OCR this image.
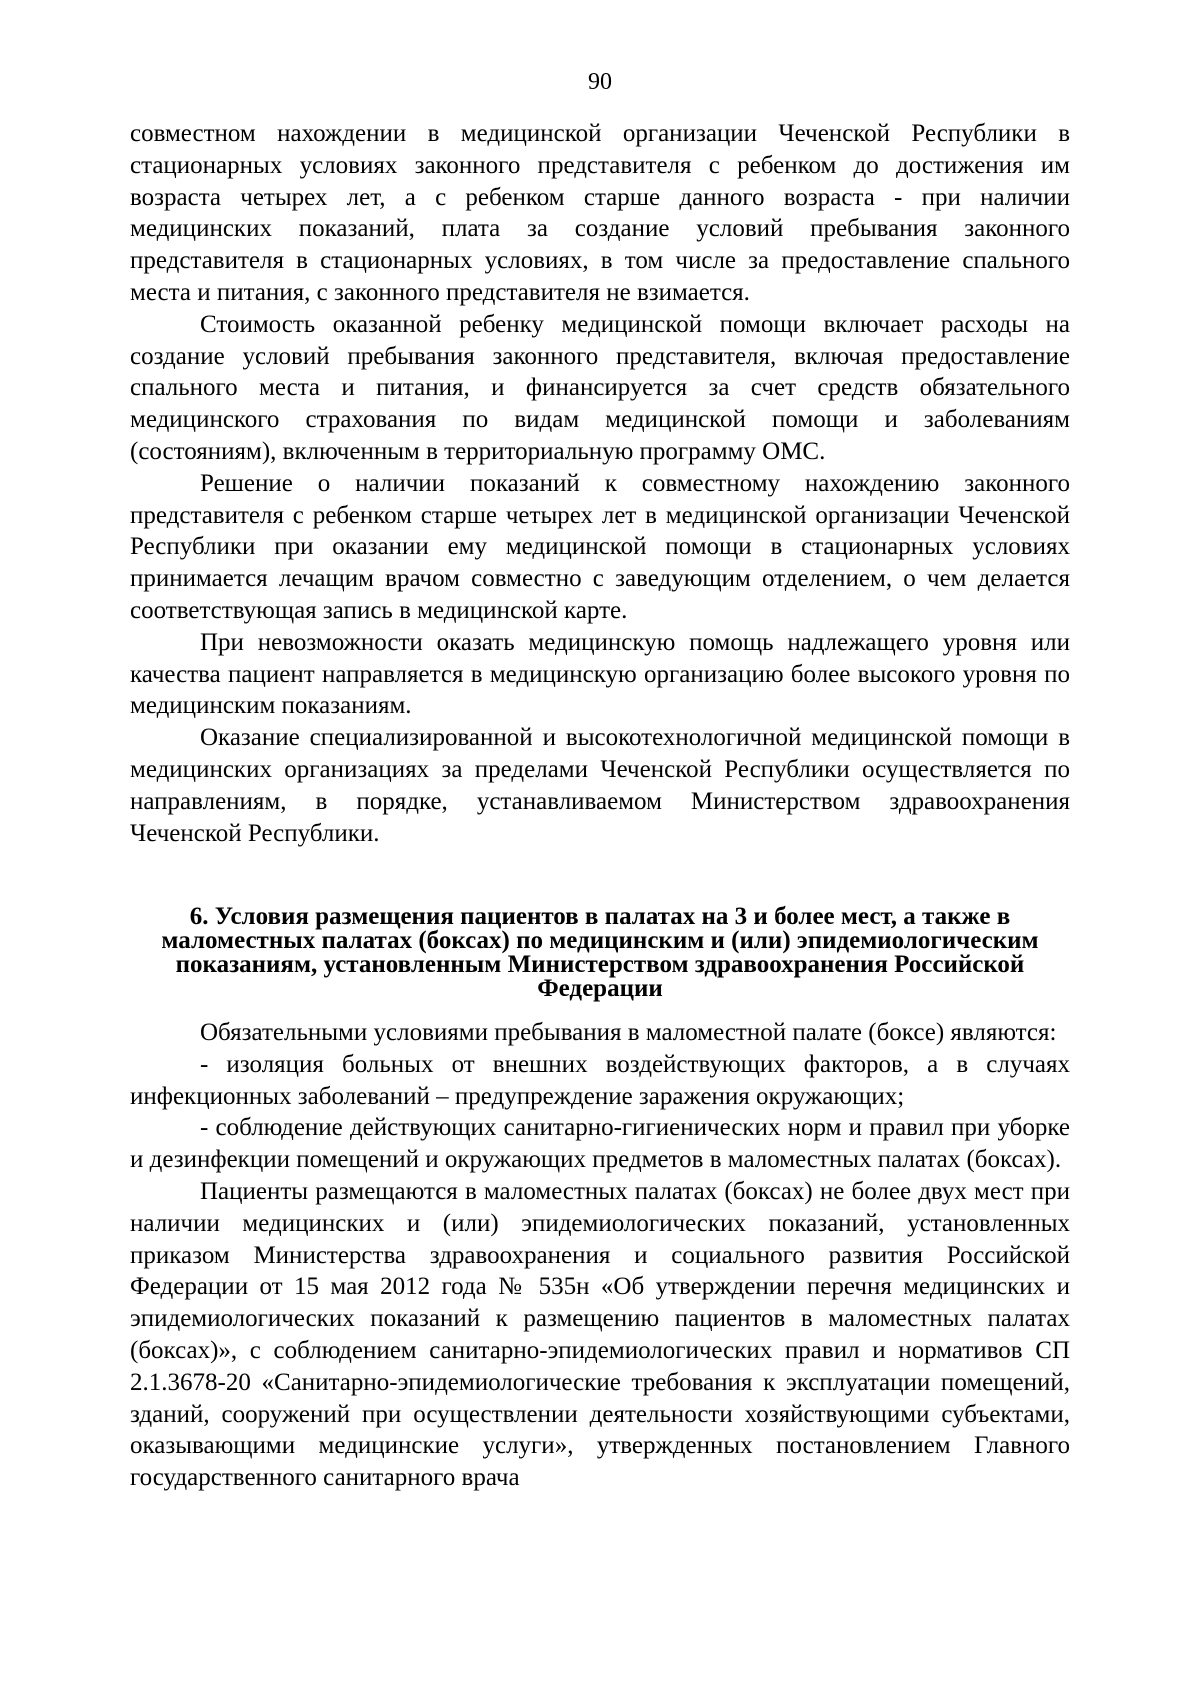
90

совместном нахождении в медицинской организации Чеченской Республики в стационарных условиях законного представителя с ребенком до достижения им возраста четырех лет, а с ребенком старше данного возраста - при наличии медицинских показаний, плата за создание условий пребывания законного представителя в стационарных условиях, в том числе за предоставление спального места и питания, с законного представителя не взимается.

Стоимость оказанной ребенку медицинской помощи включает расходы на создание условий пребывания законного представителя, включая предоставление спального места и питания, и финансируется за счет средств обязательного медицинского страхования по видам медицинской помощи и заболеваниям (состояниям), включенным в территориальную программу ОМС.

Решение о наличии показаний к совместному нахождению законного представителя с ребенком старше четырех лет в медицинской организации Чеченской Республики при оказании ему медицинской помощи в стационарных условиях принимается лечащим врачом совместно с заведующим отделением, о чем делается соответствующая запись в медицинской карте.

При невозможности оказать медицинскую помощь надлежащего уровня или качества пациент направляется в медицинскую организацию более высокого уровня по медицинским показаниям.

Оказание специализированной и высокотехнологичной медицинской помощи в медицинских организациях за пределами Чеченской Республики осуществляется по направлениям, в порядке, устанавливаемом Министерством здравоохранения Чеченской Республики.

6. Условия размещения пациентов в палатах на 3 и более мест, а также в маломестных палатах (боксах) по медицинским и (или) эпидемиологическим показаниям, установленным Министерством здравоохранения Российской Федерации

Обязательными условиями пребывания в маломестной палате (боксе) являются:

- изоляция больных от внешних воздействующих факторов, а в случаях инфекционных заболеваний – предупреждение заражения окружающих;

- соблюдение действующих санитарно-гигиенических норм и правил при уборке и дезинфекции помещений и окружающих предметов в маломестных палатах (боксах).

Пациенты размещаются в маломестных палатах (боксах) не более двух мест при наличии медицинских и (или) эпидемиологических показаний, установленных приказом Министерства здравоохранения и социального развития Российской Федерации от 15 мая 2012 года № 535н «Об утверждении перечня медицинских и эпидемиологических показаний к размещению пациентов в маломестных палатах (боксах)», с соблюдением санитарно-эпидемиологических правил и нормативов СП 2.1.3678-20 «Санитарно-эпидемиологические требования к эксплуатации помещений, зданий, сооружений при осуществлении деятельности хозяйствующими субъектами, оказывающими медицинские услуги», утвержденных постановлением Главного государственного санитарного врача
